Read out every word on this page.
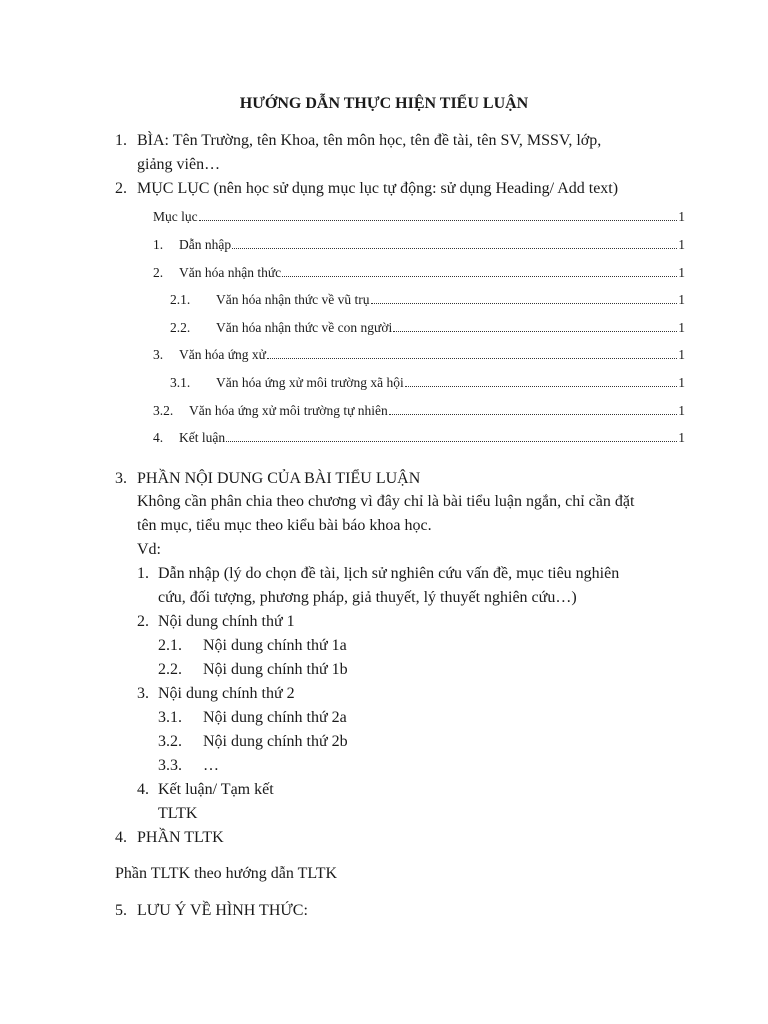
HƯỚNG DẪN THỰC HIỆN TIỂU LUẬN
1. BÌA: Tên Trường, tên Khoa, tên môn học, tên đề tài, tên SV, MSSV, lớp,
giảng viên…
2. MỤC LỤC (nên học sử dụng mục lục tự động: sử dụng Heading/ Add text)
Mục lục	1
1.	Dẫn nhập	1
2.	Văn hóa nhận thức	1
2.1.	Văn hóa nhận thức về vũ trụ	1
2.2.	Văn hóa nhận thức về con người	1
3.	Văn hóa ứng xử	1
3.1.	Văn hóa ứng xử môi trường xã hội	1
3.2.	Văn hóa ứng xử môi trường tự nhiên	1
4.	Kết luận	1
3. PHẦN NỘI DUNG CỦA BÀI TIỂU LUẬN
Không cần phân chia theo chương vì đây chỉ là bài tiểu luận ngắn, chỉ cần đặt
tên mục, tiểu mục theo kiểu bài báo khoa học.
Vd:
1. Dẫn nhập (lý do chọn đề tài, lịch sử nghiên cứu vấn đề, mục tiêu nghiên
cứu, đối tượng, phương pháp, giả thuyết, lý thuyết nghiên cứu…)
2. Nội dung chính thứ 1
2.1. Nội dung chính thứ 1a
2.2. Nội dung chính thứ 1b
3. Nội dung chính thứ 2
3.1. Nội dung chính thứ 2a
3.2. Nội dung chính thứ 2b
3.3. …
4. Kết luận/ Tạm kết
TLTK
4. PHẦN TLTK
Phần TLTK theo hướng dẫn TLTK
5. LƯU Ý VỀ HÌNH THỨC:
